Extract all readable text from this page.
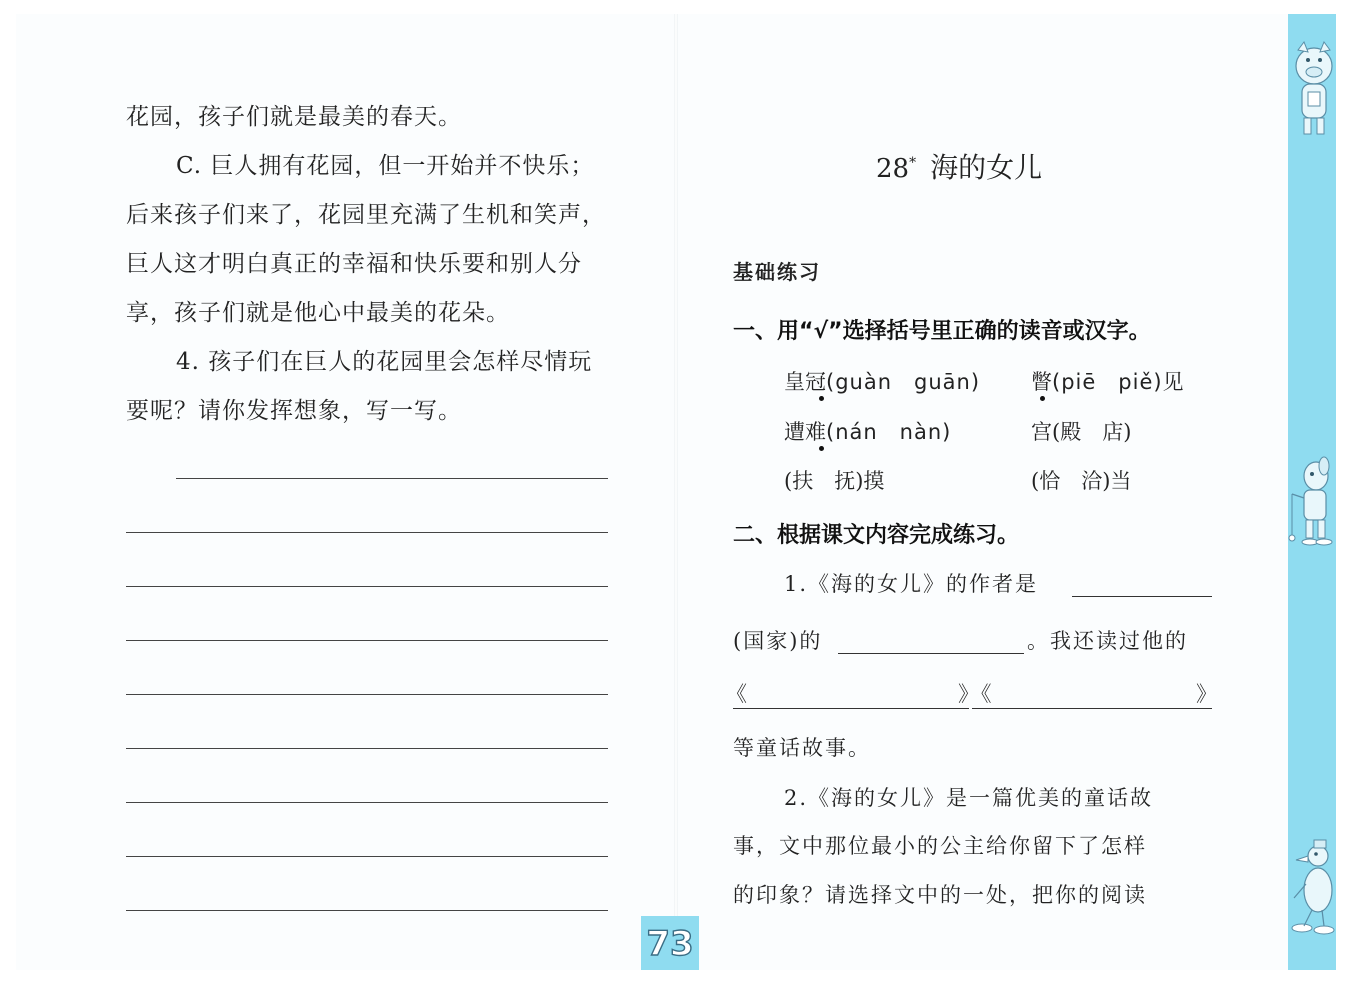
花园，孩子们就是最美的春天。
C. 巨人拥有花园，但一开始并不快乐；
后来孩子们来了，花园里充满了生机和笑声，
巨人这才明白真正的幸福和快乐要和别人分
享，孩子们就是他心中最美的花朵。
4. 孩子们在巨人的花园里会怎样尽情玩
要呢？请你发挥想象，写一写。
28* 海的女儿
基础练习
一、用“√”选择括号里正确的读音或汉字。
皇冠(guàn　guān) 瞥(piē　piě)见
遭难(nán　nàn)	宫(殿　店)
(扶　抚)摸	(恰　洽)当
二、根据课文内容完成练习。
1.《海的女儿》的作者是
(国家)的	。我还读过他的
《	》《	》
等童话故事。
2.《海的女儿》是一篇优美的童话故
事，文中那位最小的公主给你留下了怎样
的印象？请选择文中的一处，把你的阅读
73
